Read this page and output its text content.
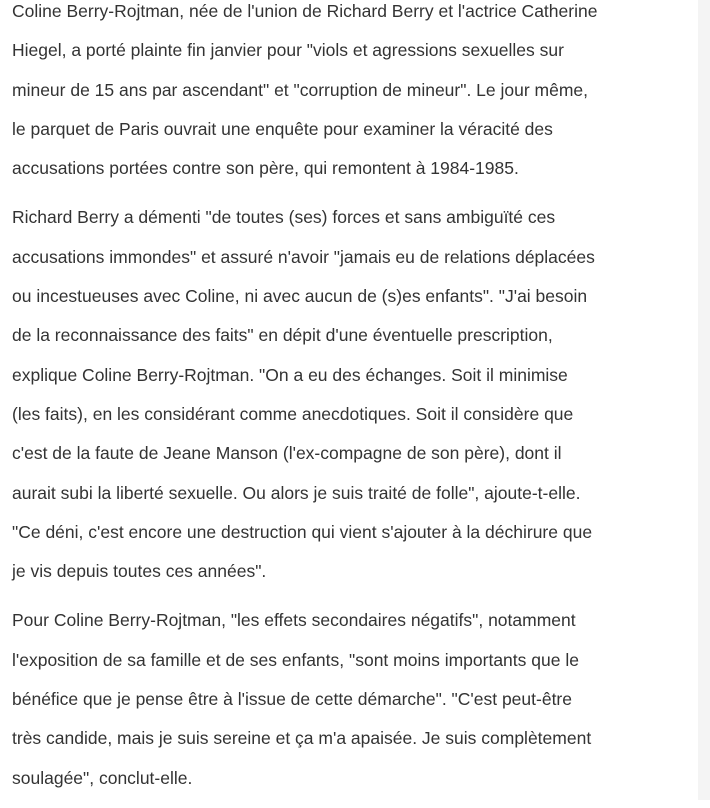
Coline Berry-Rojtman, née de l'union de Richard Berry et l'actrice Catherine
Hiegel, a porté plainte fin janvier pour "viols et agressions sexuelles sur
mineur de 15 ans par ascendant" et "corruption de mineur". Le jour même,
le parquet de Paris ouvrait une enquête pour examiner la véracité des
accusations portées contre son père, qui remontent à 1984-1985.

Richard Berry a démenti "de toutes (ses) forces et sans ambiguïté ces
accusations immondes" et assuré n'avoir "jamais eu de relations déplacées
ou incestueuses avec Coline, ni avec aucun de (s)es enfants". "J'ai besoin
de la reconnaissance des faits" en dépit d'une éventuelle prescription,
explique Coline Berry-Rojtman. "On a eu des échanges. Soit il minimise
(les faits), en les considérant comme anecdotiques. Soit il considère que
c'est de la faute de Jeane Manson (l'ex-compagne de son père), dont il
aurait subi la liberté sexuelle. Ou alors je suis traité de folle", ajoute-t-elle.
"Ce déni, c'est encore une destruction qui vient s'ajouter à la déchirure que
je vis depuis toutes ces années".

Pour Coline Berry-Rojtman, "les effets secondaires négatifs", notamment
l'exposition de sa famille et de ses enfants, "sont moins importants que le
bénéfice que je pense être à l'issue de cette démarche". "C'est peut-être
très candide, mais je suis sereine et ça m'a apaisée. Je suis complètement
soulagée", conclut-elle.
